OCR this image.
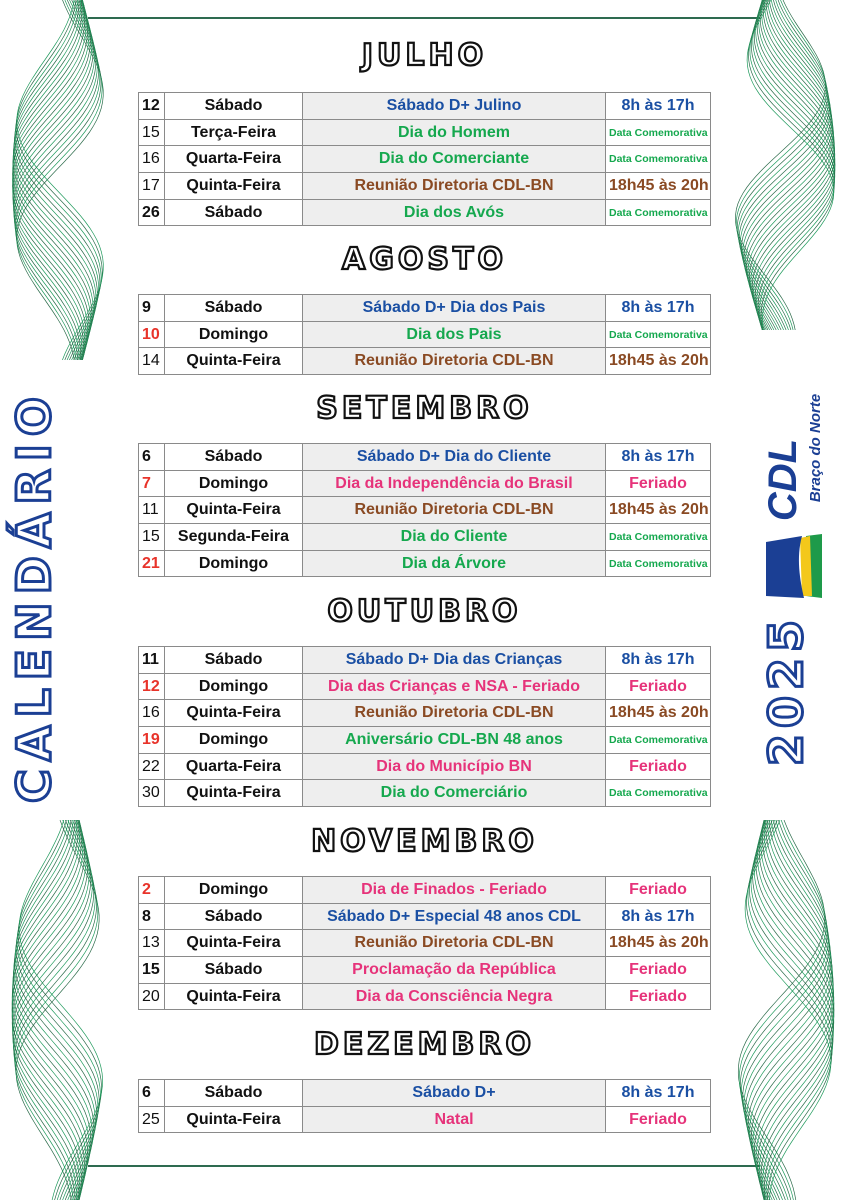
CALENDÁRIO	2025
CDL Braço do Norte
JULHO
12	Sábado	Sábado D+ Julino	8h às 17h
15	Terça-Feira	Dia do Homem	Data Comemorativa
16	Quarta-Feira	Dia do Comerciante	Data Comemorativa
17	Quinta-Feira	Reunião Diretoria CDL-BN	18h45 às 20h
26	Sábado	Dia dos Avós	Data Comemorativa
AGOSTO
9	Sábado	Sábado D+ Dia dos Pais	8h às 17h
10	Domingo	Dia dos Pais	Data Comemorativa
14	Quinta-Feira	Reunião Diretoria CDL-BN	18h45 às 20h
SETEMBRO
6	Sábado	Sábado D+ Dia do Cliente	8h às 17h
7	Domingo	Dia da Independência do Brasil	Feriado
11	Quinta-Feira	Reunião Diretoria CDL-BN	18h45 às 20h
15	Segunda-Feira	Dia do Cliente	Data Comemorativa
21	Domingo	Dia da Árvore	Data Comemorativa
OUTUBRO
11	Sábado	Sábado D+ Dia das Crianças	8h às 17h
12	Domingo	Dia das Crianças e NSA - Feriado	Feriado
16	Quinta-Feira	Reunião Diretoria CDL-BN	18h45 às 20h
19	Domingo	Aniversário CDL-BN 48 anos	Data Comemorativa
22	Quarta-Feira	Dia do Município BN	Feriado
30	Quinta-Feira	Dia do Comerciário	Data Comemorativa
NOVEMBRO
2	Domingo	Dia de Finados - Feriado	Feriado
8	Sábado	Sábado D+ Especial 48 anos CDL	8h às 17h
13	Quinta-Feira	Reunião Diretoria CDL-BN	18h45 às 20h
15	Sábado	Proclamação da República	Feriado
20	Quinta-Feira	Dia da Consciência Negra	Feriado
DEZEMBRO
6	Sábado	Sábado D+	8h às 17h
25	Quinta-Feira	Natal	Feriado
